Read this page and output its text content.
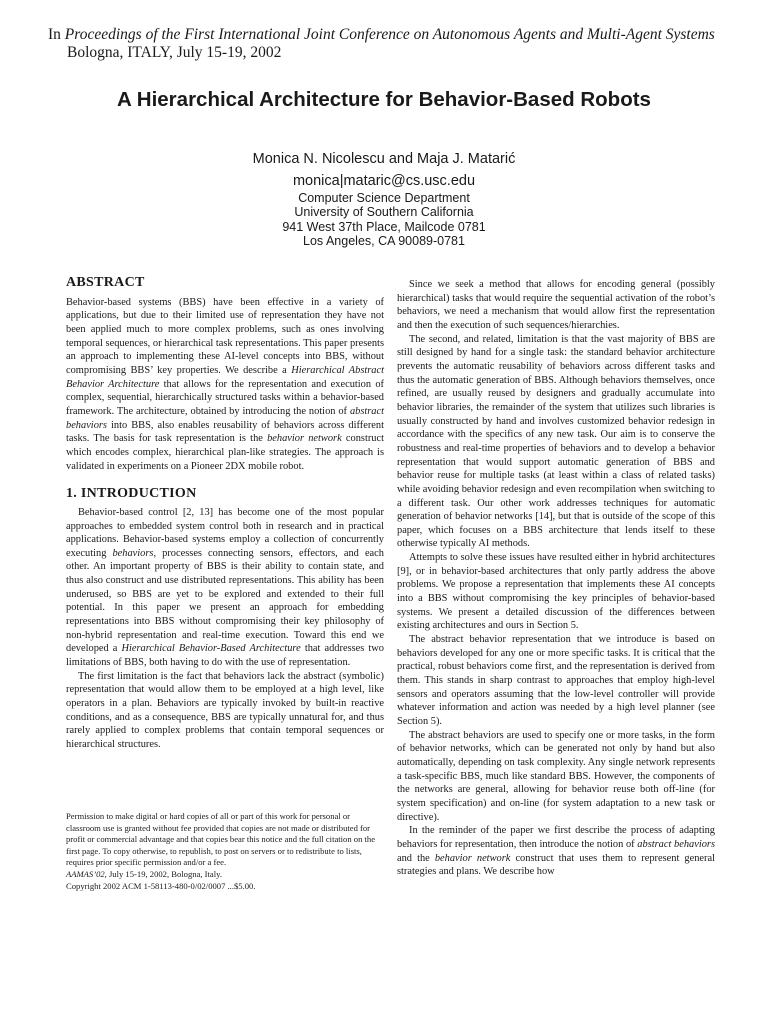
In Proceedings of the First International Joint Conference on Autonomous Agents and Multi-Agent Systems
Bologna, ITALY, July 15-19, 2002
A Hierarchical Architecture for Behavior-Based Robots
Monica N. Nicolescu and Maja J. Matarić
monica|mataric@cs.usc.edu
Computer Science Department
University of Southern California
941 West 37th Place, Mailcode 0781
Los Angeles, CA 90089-0781
ABSTRACT

Behavior-based systems (BBS) have been effective in a variety of applications, but due to their limited use of representation they have not been applied much to more complex problems, such as ones involving temporal sequences, or hierarchical task representations. This paper presents an approach to implementing these AI-level concepts into BBS, without compromising BBS’ key properties. We describe a Hierarchical Abstract Behavior Architecture that allows for the representation and execution of complex, sequential, hierarchically structured tasks within a behavior-based framework. The architecture, obtained by introducing the notion of abstract behaviors into BBS, also enables reusability of behaviors across different tasks. The basis for task representation is the behavior network construct which encodes complex, hierarchical plan-like strategies. The approach is validated in experiments on a Pioneer 2DX mobile robot.

1. INTRODUCTION

Behavior-based control [2, 13] has become one of the most popular approaches to embedded system control both in research and in practical applications. Behavior-based systems employ a collection of concurrently executing behaviors, processes connecting sensors, effectors, and each other. An important property of BBS is their ability to contain state, and thus also construct and use distributed representations. This ability has been underused, so BBS are yet to be explored and extended to their full potential. In this paper we present an approach for embedding representations into BBS without compromising their key philosophy of non-hybrid representation and real-time execution. Toward this end we developed a Hierarchical Behavior-Based Architecture that addresses two limitations of BBS, both having to do with the use of representation.

The first limitation is the fact that behaviors lack the abstract (symbolic) representation that would allow them to be employed at a high level, like operators in a plan. Behaviors are typically invoked by built-in reactive conditions, and as a consequence, BBS are typically unnatural for, and thus rarely applied to complex problems that contain temporal sequences or hierarchical structures.

Permission to make digital or hard copies of all or part of this work for personal or classroom use is granted without fee provided that copies are not made or distributed for profit or commercial advantage and that copies bear this notice and the full citation on the first page. To copy otherwise, to republish, to post on servers or to redistribute to lists, requires prior specific permission and/or a fee.
AAMAS’02, July 15-19, 2002, Bologna, Italy.
Copyright 2002 ACM 1-58113-480-0/02/0007 ...$5.00.

Since we seek a method that allows for encoding general (possibly hierarchical) tasks that would require the sequential activation of the robot’s behaviors, we need a mechanism that would allow first the representation and then the execution of such sequences/hierarchies.

The second, and related, limitation is that the vast majority of BBS are still designed by hand for a single task: the standard behavior architecture prevents the automatic reusability of behaviors across different tasks and thus the automatic generation of BBS. Although behaviors themselves, once refined, are usually reused by designers and gradually accumulate into behavior libraries, the remainder of the system that utilizes such libraries is usually constructed by hand and involves customized behavior redesign in accordance with the specifics of any new task. Our aim is to conserve the robustness and real-time properties of behaviors and to develop a behavior representation that would support automatic generation of BBS and behavior reuse for multiple tasks (at least within a class of related tasks) while avoiding behavior redesign and even recompilation when switching to a different task. Our other work addresses techniques for automatic generation of behavior networks [14], but that is outside of the scope of this paper, which focuses on a BBS architecture that lends itself to these otherwise typically AI methods.

Attempts to solve these issues have resulted either in hybrid architectures [9], or in behavior-based architectures that only partly address the above problems. We propose a representation that implements these AI concepts into a BBS without compromising the key principles of behavior-based systems. We present a detailed discussion of the differences between existing architectures and ours in Section 5.

The abstract behavior representation that we introduce is based on behaviors developed for any one or more specific tasks. It is critical that the practical, robust behaviors come first, and the representation is derived from them. This stands in sharp contrast to approaches that employ high-level sensors and operators assuming that the low-level controller will provide whatever information and action was needed by a high level planner (see Section 5).

The abstract behaviors are used to specify one or more tasks, in the form of behavior networks, which can be generated not only by hand but also automatically, depending on task complexity. Any single network represents a task-specific BBS, much like standard BBS. However, the components of the networks are general, allowing for behavior reuse both off-line (for system specification) and on-line (for system adaptation to a new task or directive).

In the reminder of the paper we first describe the process of adapting behaviors for representation, then introduce the notion of abstract behaviors and the behavior network construct that uses them to represent general strategies and plans. We describe how
